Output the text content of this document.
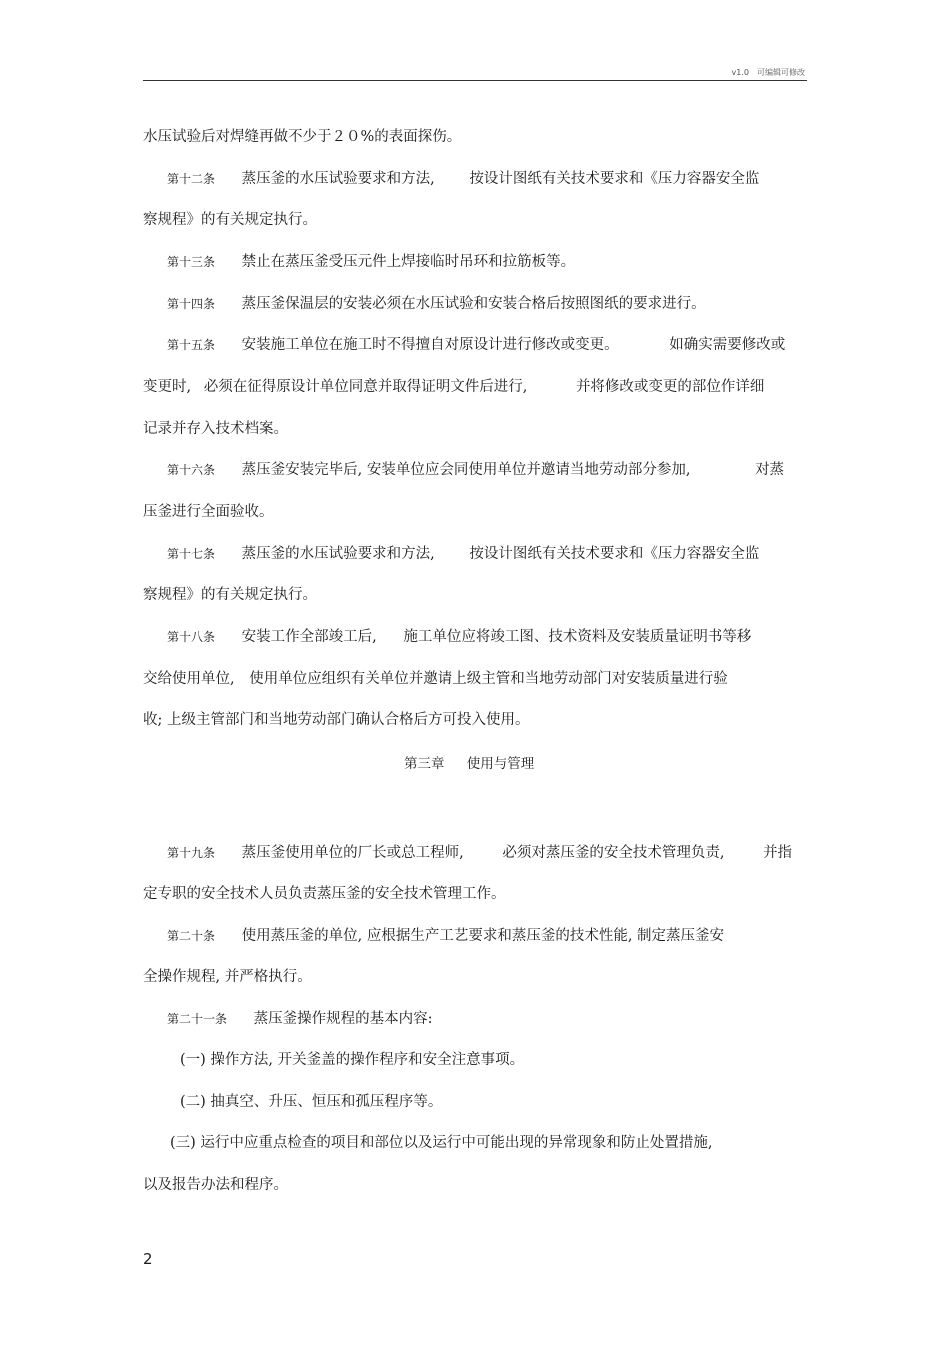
v1.0　可编辑可修改
水压试验后对焊缝再做不少于２０%的表面探伤。
第十二条 蒸压釜的水压试验要求和方法, 按设计图纸有关技术要求和《压力容器安全监
察规程》的有关规定执行。
第十三条 禁止在蒸压釜受压元件上焊接临时吊环和拉筋板等。
第十四条 蒸压釜保温层的安装必须在水压试验和安装合格后按照图纸的要求进行。
第十五条 安装施工单位在施工时不得擅自对原设计进行修改或变更。	如确实需要修改或
变更时, 必须在征得原设计单位同意并取得证明文件后进行,	并将修改或变更的部位作详细
记录并存入技术档案。
第十六条 蒸压釜安装完毕后, 安装单位应会同使用单位并邀请当地劳动部分参加,	对蒸
压釜进行全面验收。
第十七条 蒸压釜的水压试验要求和方法, 按设计图纸有关技术要求和《压力容器安全监
察规程》的有关规定执行。
第十八条 安装工作全部竣工后, 施工单位应将竣工图、技术资料及安装质量证明书等移
交给使用单位, 使用单位应组织有关单位并邀请上级主管和当地劳动部门对安装质量进行验
收; 上级主管部门和当地劳动部门确认合格后方可投入使用。
第三章 使用与管理
第十九条 蒸压釜使用单位的厂长或总工程师,	必须对蒸压釜的安全技术管理负责,	并指
定专职的安全技术人员负责蒸压釜的安全技术管理工作。
第二十条 使用蒸压釜的单位, 应根据生产工艺要求和蒸压釜的技术性能, 制定蒸压釜安
全操作规程, 并严格执行。
第二十一条 蒸压釜操作规程的基本内容:
(一) 操作方法, 开关釜盖的操作程序和安全注意事项。
(二) 抽真空、升压、恒压和孤压程序等。
(三) 运行中应重点检查的项目和部位以及运行中可能出现的异常现象和防止处置措施,
以及报告办法和程序。
2
